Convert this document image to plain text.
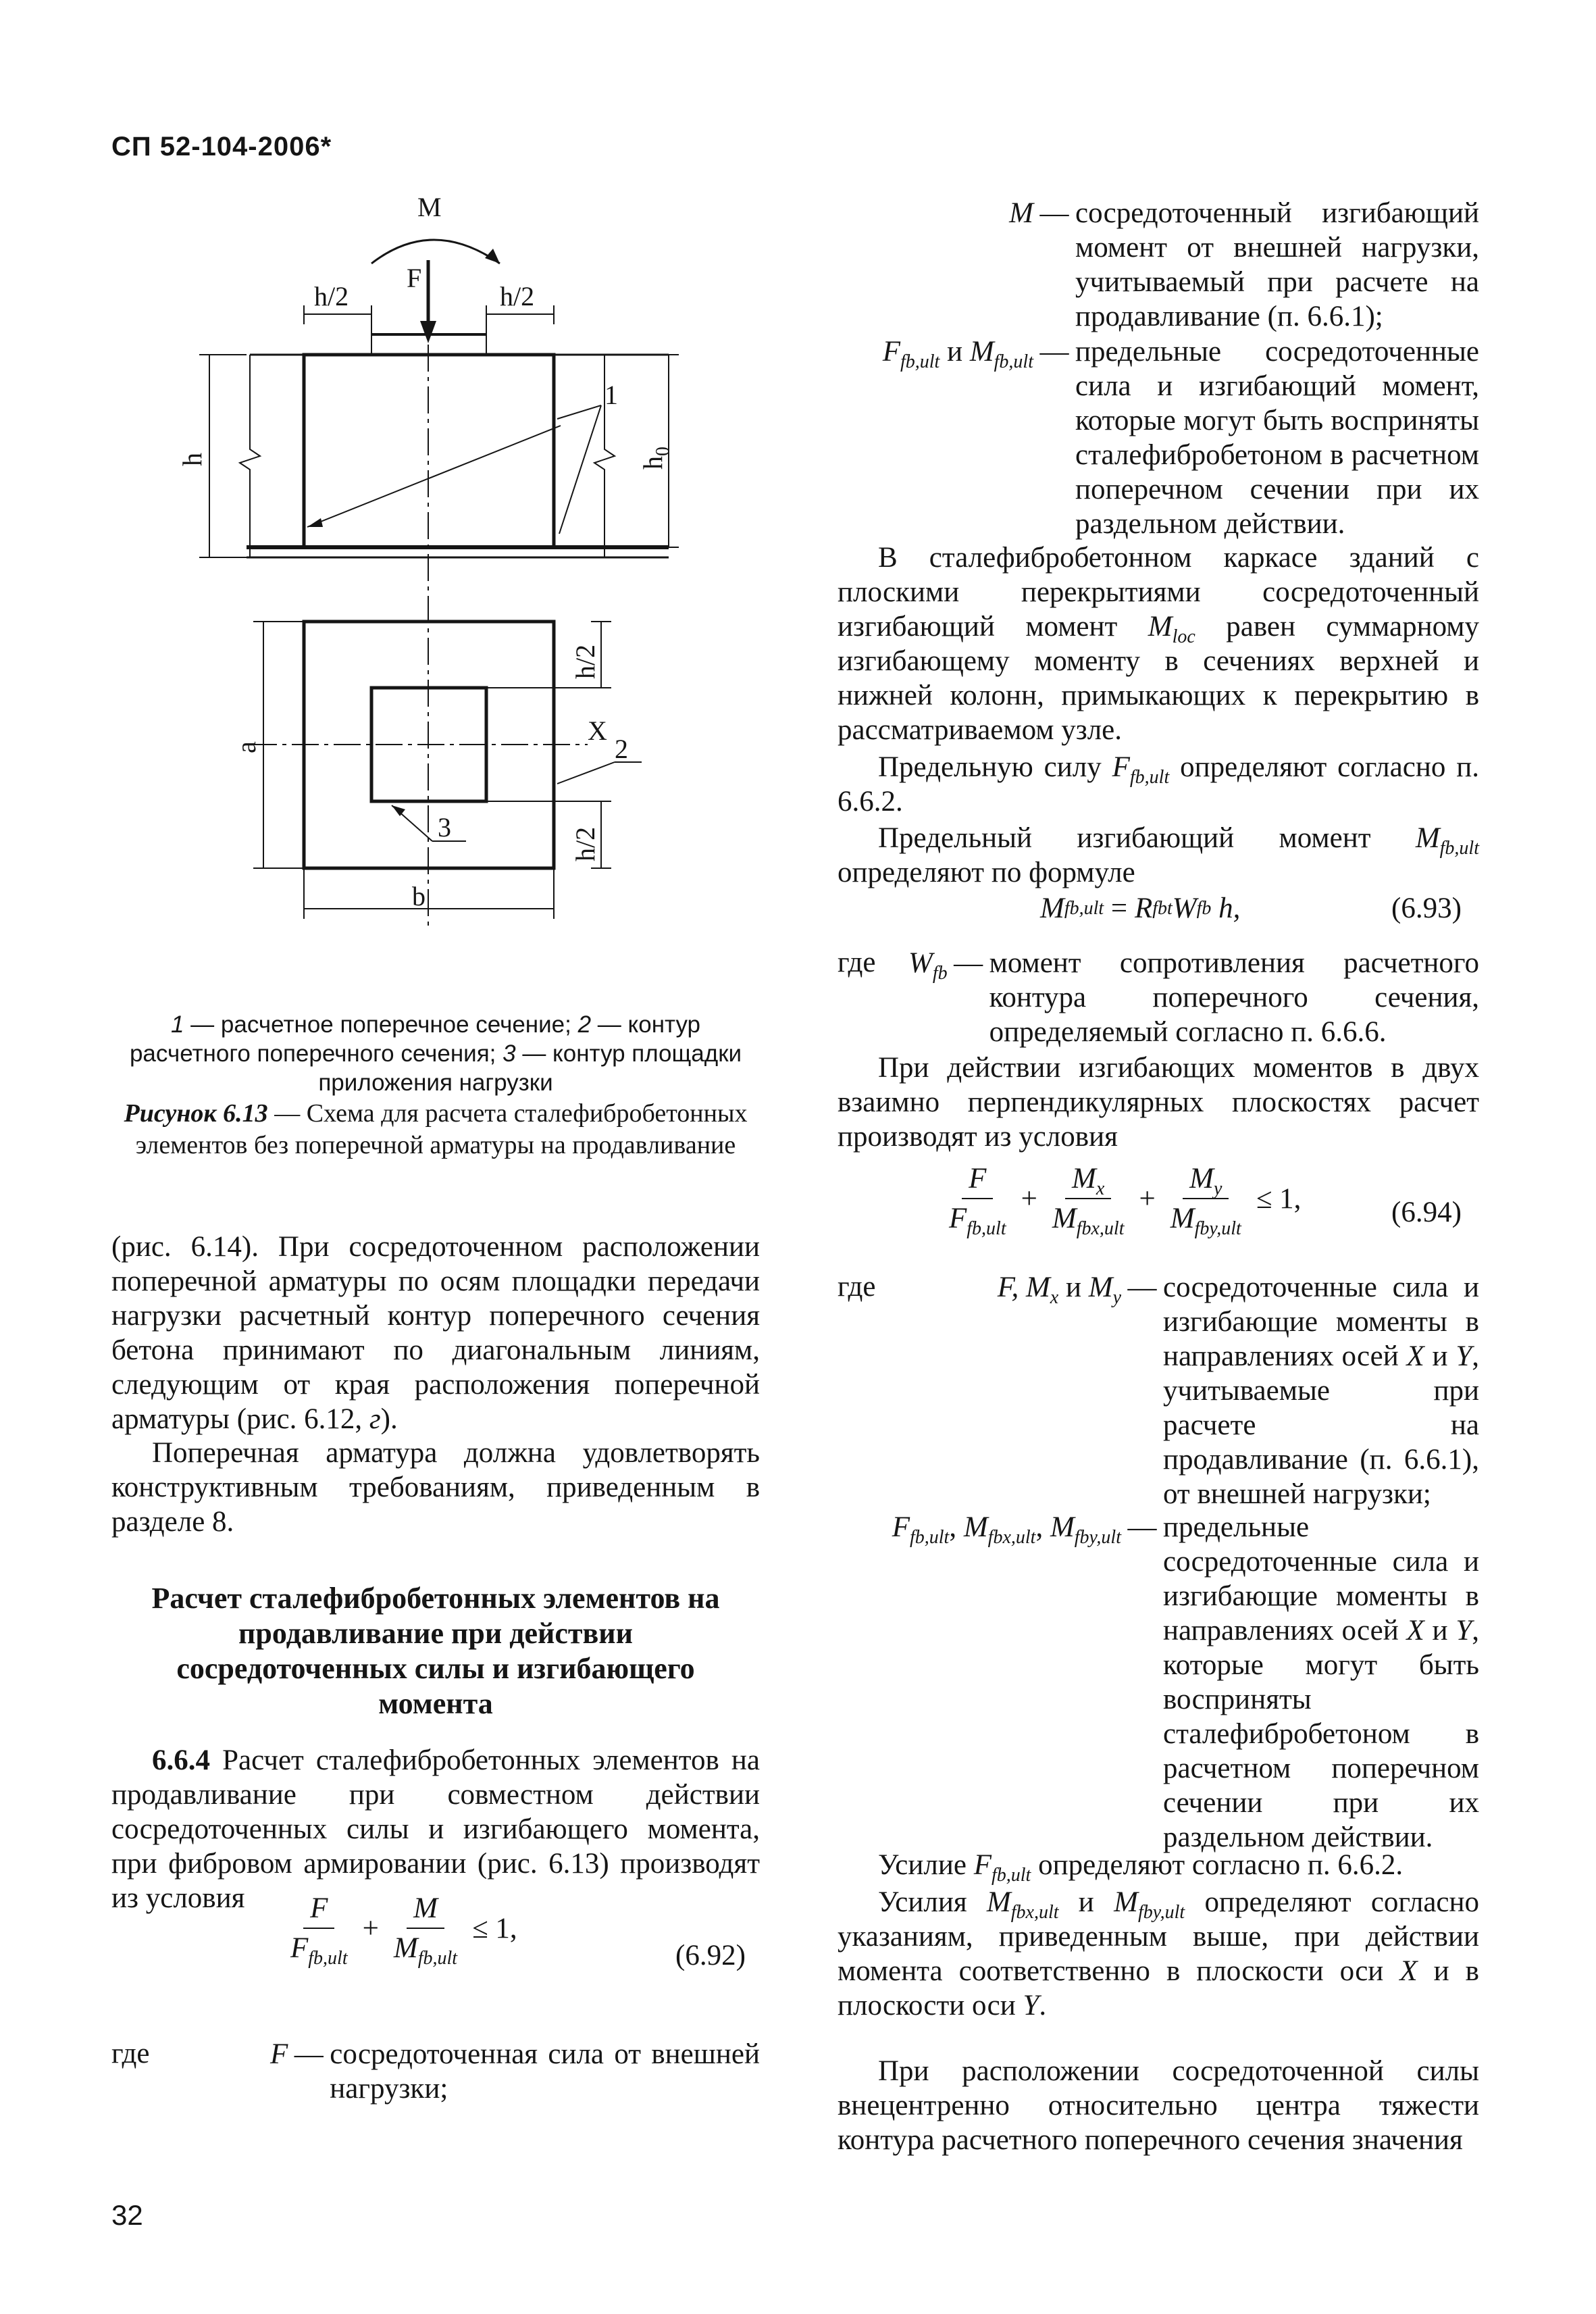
СП 52-104-2006*
M
F
h/2	h/2
h	$h_0$
1
h/2
a
X
2
3	h/2
b
1 — расчетное поперечное сечение; 2 — контур расчетного поперечного сечения; 3 — контур площадки приложения нагрузки
Рисунок 6.13 — Схема для расчета сталефибробетонных элементов без поперечной арматуры на продавливание
(рис. 6.14). При сосредоточенном расположении поперечной арматуры по осям площадки передачи нагрузки расчетный контур поперечного сечения бетона принимают по диагональным линиям, следующим от края расположения поперечной арматуры (рис. 6.12, г).
Поперечная арматура должна удовлетворять конструктивным требованиям, приведенным в разделе 8.
Расчет сталефибробетонных элементов на продавливание при действии сосредоточенных силы и изгибающего момента
6.6.4 Расчет сталефибробетонных элементов на продавливание при совместном действии сосредоточенных силы и изгибающего момента, при фибровом армировании (рис. 6.13) производят из условия	$\frac{F}{F_{fb,ult}} + \frac{M}{M_{fb,ult}} \le 1$,
(6.92)
где	F — сосредоточенная сила от внешней нагрузки;
32
M — сосредоточенный изгибающий момент от внешней нагрузки, учитываемый при расчете на продавливание (п. 6.6.1);
$F_{fb,ult}$ и $M_{fb,ult}$ — предельные сосредоточенные сила и изгибающий момент, которые могут быть восприняты сталефибробетоном в расчетном поперечном сечении при их раздельном действии.
В сталефибробетонном каркасе зданий с плоскими перекрытиями сосредоточенный изгибающий момент $M_{loc}$ равен суммарному изгибающему моменту в сечениях верхней и нижней колонн, примыкающих к перекрытию в рассматриваемом узле.
Предельную силу $F_{fb,ult}$ определяют согласно п. 6.6.2.
Предельный изгибающий момент $M_{fb,ult}$ определяют по формуле
M fb,ult = R fbt W fb h,	(6.93)
где $W_{fb}$ — момент сопротивления расчетного контура поперечного сечения, определяемый согласно п. 6.6.6.
При действии изгибающих моментов в двух взаимно перпендикулярных плоскостях расчет производят из условия
$\frac{F}{F_{fb,ult}} + \frac{M_x}{M_{fbx,ult}} + \frac{M_y}{M_{fby,ult}} \le 1$,	(6.94)
где	F, $M_x$ и $M_y$ — сосредоточенные сила и изгибающие моменты в направлениях осей X и Y, учитываемые при расчете на продавливание (п. 6.6.1), от внешней нагрузки;
$F_{fb,ult}$, $M_{fbx,ult}$, $M_{fby,ult}$ — предельные сосредоточенные сила и изгибающие моменты в направлениях осей X и Y, которые могут быть восприняты сталефибробетоном в расчетном поперечном сечении при их раздельном действии.
Усилие $F_{fb,ult}$ определяют согласно п. 6.6.2.
Усилия $M_{fbx,ult}$ и $M_{fby,ult}$ определяют согласно указаниям, приведенным выше, при действии момента соответственно в плоскости оси X и в плоскости оси Y.
При расположении сосредоточенной силы внецентренно относительно центра тяжести контура расчетного поперечного сечения значения
